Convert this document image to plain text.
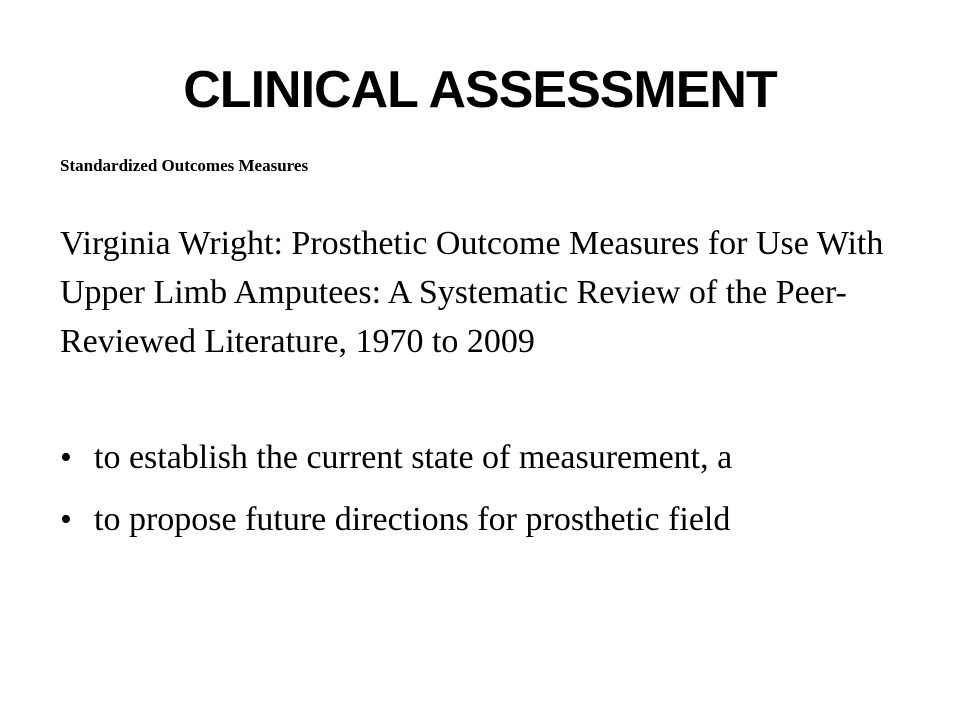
CLINICAL ASSESSMENT

Standardized Outcomes Measures

Virginia Wright: Prosthetic Outcome Measures for Use With Upper Limb Amputees: A Systematic Review of the Peer-Reviewed Literature, 1970 to 2009

• to establish the current state of measurement, a
• to propose future directions for prosthetic field
